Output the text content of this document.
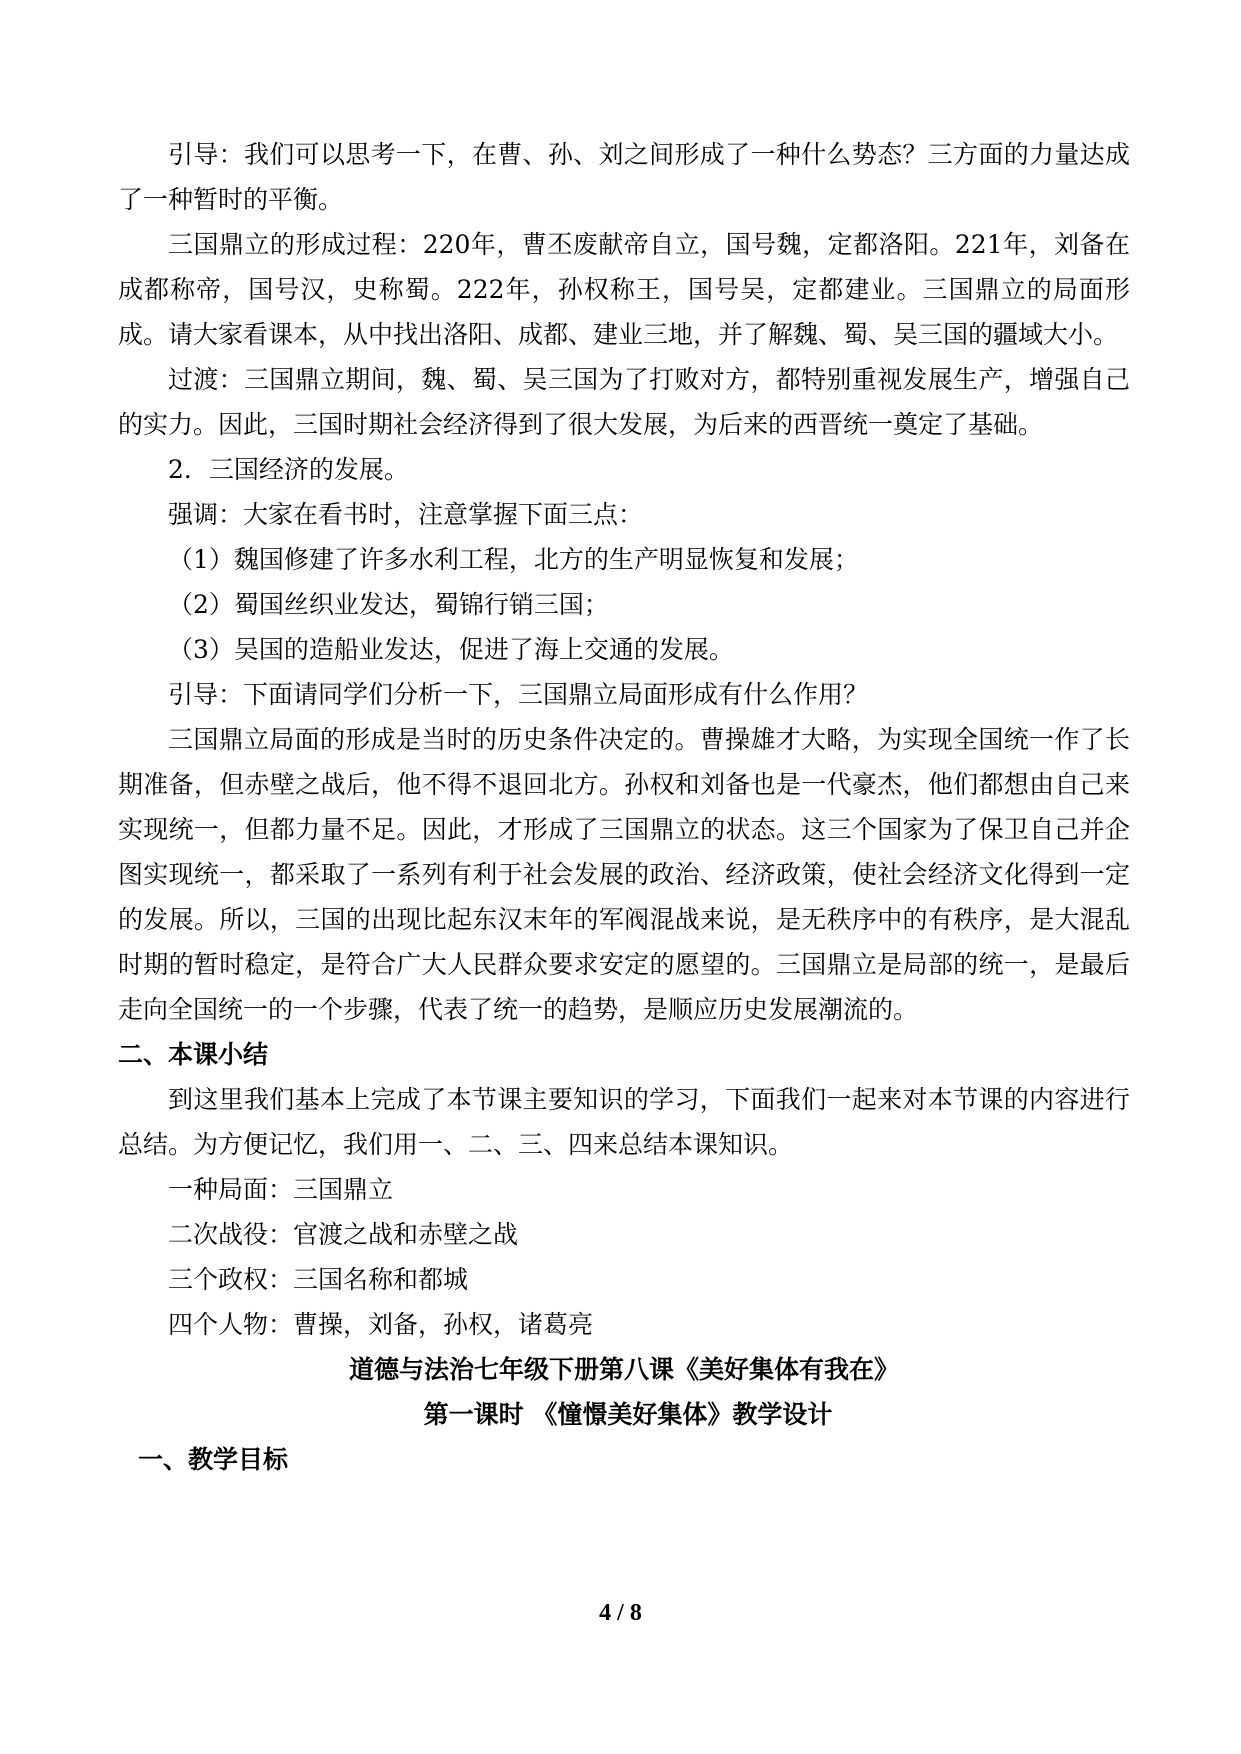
引导：我们可以思考一下，在曹、孙、刘之间形成了一种什么势态？三方面的力量达成了一种暂时的平衡。

三国鼎立的形成过程：220年，曹丕废献帝自立，国号魏，定都洛阳。221年，刘备在成都称帝，国号汉，史称蜀。222年，孙权称王，国号吴，定都建业。三国鼎立的局面形成。请大家看课本，从中找出洛阳、成都、建业三地，并了解魏、蜀、吴三国的疆域大小。

过渡：三国鼎立期间，魏、蜀、吴三国为了打败对方，都特别重视发展生产，增强自己的实力。因此，三国时期社会经济得到了很大发展，为后来的西晋统一奠定了基础。

2．三国经济的发展。

强调：大家在看书时，注意掌握下面三点：

（1）魏国修建了许多水利工程，北方的生产明显恢复和发展；

（2）蜀国丝织业发达，蜀锦行销三国；

（3）吴国的造船业发达，促进了海上交通的发展。

引导：下面请同学们分析一下，三国鼎立局面形成有什么作用？

三国鼎立局面的形成是当时的历史条件决定的。曹操雄才大略，为实现全国统一作了长期准备，但赤壁之战后，他不得不退回北方。孙权和刘备也是一代豪杰，他们都想由自己来实现统一，但都力量不足。因此，才形成了三国鼎立的状态。这三个国家为了保卫自己并企图实现统一，都采取了一系列有利于社会发展的政治、经济政策，使社会经济文化得到一定的发展。所以，三国的出现比起东汉末年的军阀混战来说，是无秩序中的有秩序，是大混乱时期的暂时稳定，是符合广大人民群众要求安定的愿望的。三国鼎立是局部的统一，是最后走向全国统一的一个步骤，代表了统一的趋势，是顺应历史发展潮流的。

二、本课小结

到这里我们基本上完成了本节课主要知识的学习，下面我们一起来对本节课的内容进行总结。为方便记忆，我们用一、二、三、四来总结本课知识。

一种局面：三国鼎立

二次战役：官渡之战和赤壁之战

三个政权：三国名称和都城

四个人物：曹操，刘备，孙权，诸葛亮

道德与法治七年级下册第八课《美好集体有我在》

第一课时 《憧憬美好集体》教学设计

一、教学目标

4 / 8
